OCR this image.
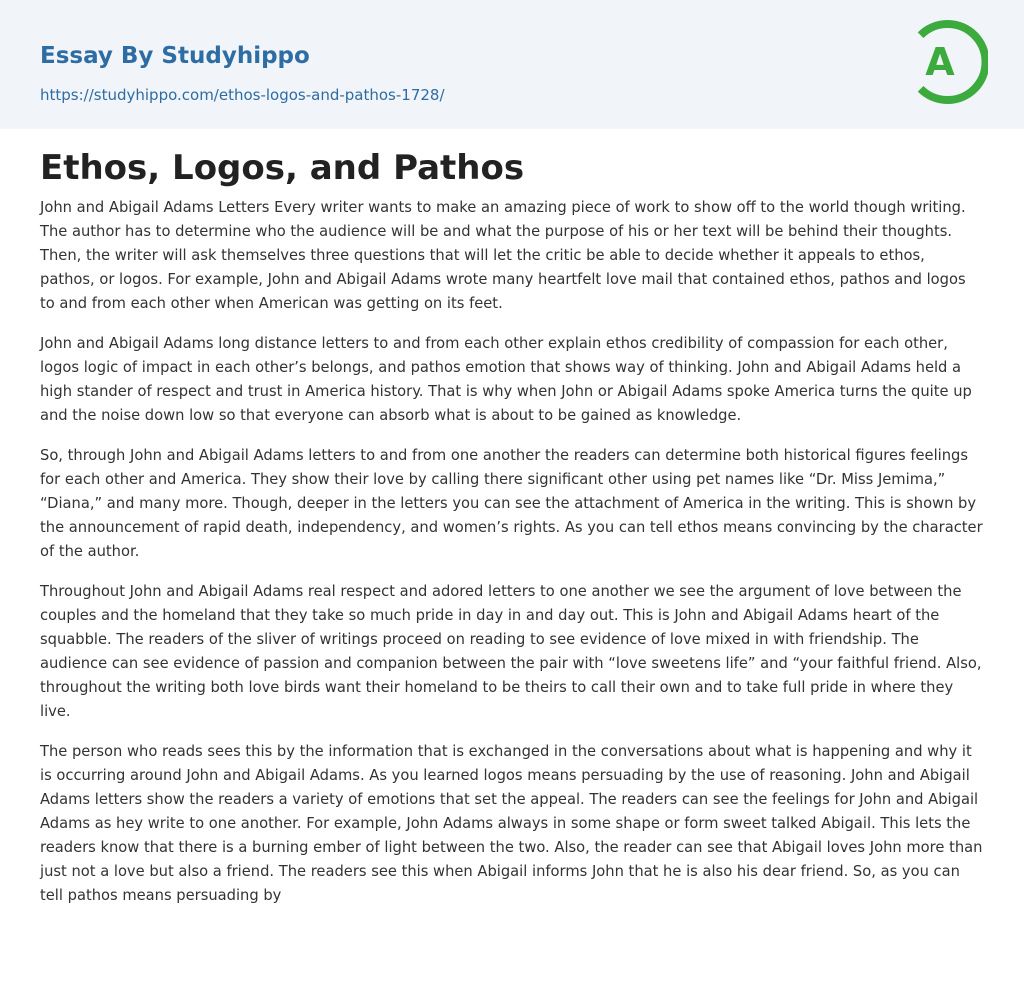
Essay By Studyhippo
https://studyhippo.com/ethos-logos-and-pathos-1728/
A
Ethos, Logos, and Pathos

John and Abigail Adams Letters Every writer wants to make an amazing piece of work to show off to the world though writing. The author has to determine who the audience will be and what the purpose of his or her text will be behind their thoughts. Then, the writer will ask themselves three questions that will let the critic be able to decide whether it appeals to ethos, pathos, or logos. For example, John and Abigail Adams wrote many heartfelt love mail that contained ethos, pathos and logos to and from each other when American was getting on its feet.

John and Abigail Adams long distance letters to and from each other explain ethos credibility of compassion for each other, logos logic of impact in each other’s belongs, and pathos emotion that shows way of thinking. John and Abigail Adams held a high stander of respect and trust in America history. That is why when John or Abigail Adams spoke America turns the quite up and the noise down low so that everyone can absorb what is about to be gained as knowledge.

So, through John and Abigail Adams letters to and from one another the readers can determine both historical figures feelings for each other and America. They show their love by calling there significant other using pet names like “Dr. Miss Jemima,” “Diana,” and many more. Though, deeper in the letters you can see the attachment of America in the writing. This is shown by the announcement of rapid death, independency, and women’s rights. As you can tell ethos means convincing by the character of the author.

Throughout John and Abigail Adams real respect and adored letters to one another we see the argument of love between the couples and the homeland that they take so much pride in day in and day out. This is John and Abigail Adams heart of the squabble. The readers of the sliver of writings proceed on reading to see evidence of love mixed in with friendship. The audience can see evidence of passion and companion between the pair with “love sweetens life” and “your faithful friend. Also, throughout the writing both love birds want their homeland to be theirs to call their own and to take full pride in where they live.

The person who reads sees this by the information that is exchanged in the conversations about what is happening and why it is occurring around John and Abigail Adams. As you learned logos means persuading by the use of reasoning. John and Abigail Adams letters show the readers a variety of emotions that set the appeal. The readers can see the feelings for John and Abigail Adams as hey write to one another. For example, John Adams always in some shape or form sweet talked Abigail. This lets the readers know that there is a burning ember of light between the two. Also, the reader can see that Abigail loves John more than just not a love but also a friend. The readers see this when Abigail informs John that he is also his dear friend. So, as you can tell pathos means persuading by
